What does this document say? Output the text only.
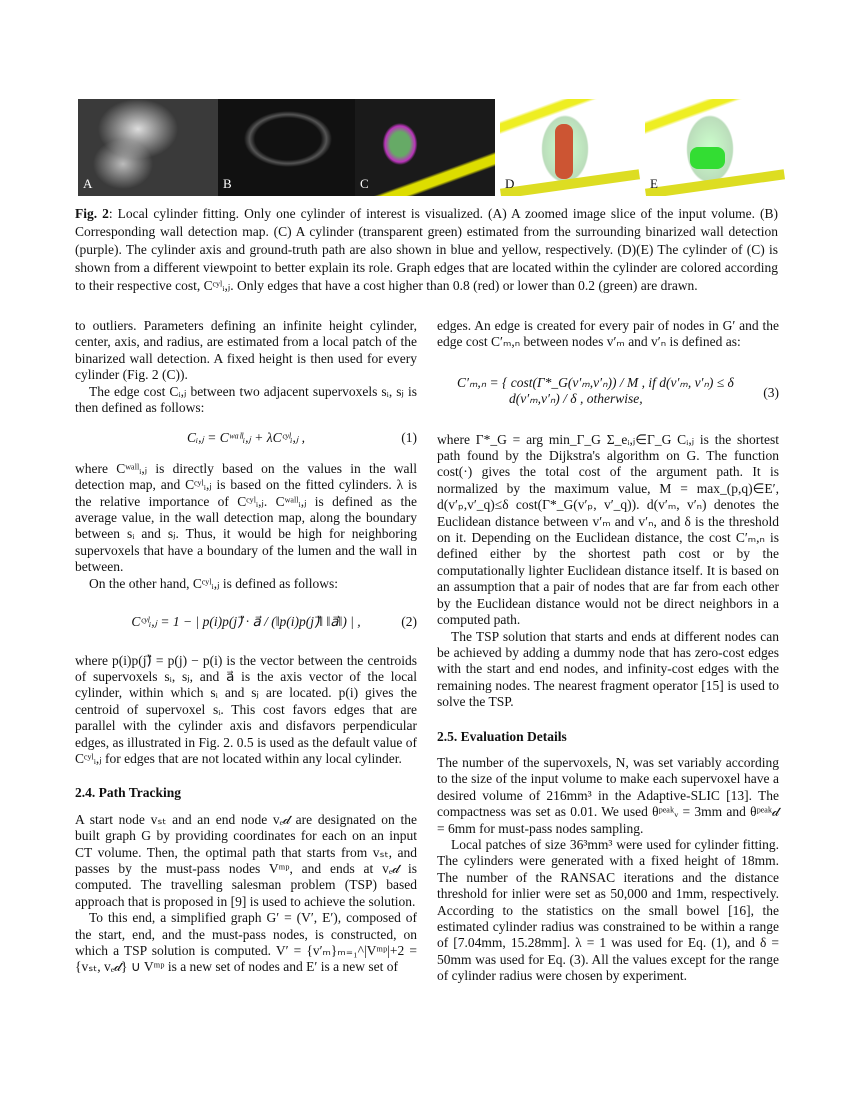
A	B	C	D	E
Fig. 2: Local cylinder fitting. Only one cylinder of interest is visualized. (A) A zoomed image slice of the input volume. (B) Corresponding wall detection map. (C) A cylinder (transparent green) estimated from the surrounding binarized wall detection (purple). The cylinder axis and ground-truth path are also shown in blue and yellow, respectively. (D)(E) The cylinder of (C) is shown from a different viewpoint to better explain its role. Graph edges that are located within the cylinder are colored according to their respective cost, Cᶜʸˡᵢ,ⱼ. Only edges that have a cost higher than 0.8 (red) or lower than 0.2 (green) are drawn.

to outliers. Parameters defining an infinite height cylinder, center, axis, and radius, are estimated from a local patch of the binarized wall detection. A fixed height is then used for every cylinder (Fig. 2 (C)).

The edge cost Cᵢ,ⱼ between two adjacent supervoxels sᵢ, sⱼ is then defined as follows:

Cᵢ,ⱼ = Cʷᵃˡˡᵢ,ⱼ + λCᶜʸˡᵢ,ⱼ ,	(1)

where Cʷᵃˡˡᵢ,ⱼ is directly based on the values in the wall detection map, and Cᶜʸˡᵢ,ⱼ is based on the fitted cylinders. λ is the relative importance of Cᶜʸˡᵢ,ⱼ. Cʷᵃˡˡᵢ,ⱼ is defined as the average value, in the wall detection map, along the boundary between sᵢ and sⱼ. Thus, it would be high for neighboring supervoxels that have a boundary of the lumen and the wall in between.

On the other hand, Cᶜʸˡᵢ,ⱼ is defined as follows:

Cᶜʸˡᵢ,ⱼ = 1 − | p(i)p(j)⃗ · a⃗ / (‖p(i)p(j)⃗‖ ‖a⃗‖) | ,	(2)

where p(i)p(j)⃗ = p(j) − p(i) is the vector between the centroids of supervoxels sᵢ, sⱼ, and a⃗ is the axis vector of the local cylinder, within which sᵢ and sⱼ are located. p(i) gives the centroid of supervoxel sᵢ. This cost favors edges that are parallel with the cylinder axis and disfavors perpendicular edges, as illustrated in Fig. 2. 0.5 is used as the default value of Cᶜʸˡᵢ,ⱼ for edges that are not located within any local cylinder.

2.4. Path Tracking

A start node vₛₜ and an end node vₑ𝒹 are designated on the built graph G by providing coordinates for each on an input CT volume. Then, the optimal path that starts from vₛₜ, and passes by the must-pass nodes Vᵐᵖ, and ends at vₑ𝒹 is computed. The travelling salesman problem (TSP) based approach that is proposed in [9] is used to achieve the solution.

To this end, a simplified graph G′ = (V′, E′), composed of the start, end, and the must-pass nodes, is constructed, on which a TSP solution is computed. V′ = {v′ₘ}ₘ₌₁^|Vᵐᵖ|+2 = {vₛₜ, vₑ𝒹} ∪ Vᵐᵖ is a new set of nodes and E′ is a new set of

edges. An edge is created for every pair of nodes in G′ and the edge cost C′ₘ,ₙ between nodes v′ₘ and v′ₙ is defined as:

C′ₘ,ₙ = { cost(Γ*_G(v′ₘ,v′ₙ)) / M , if d(v′ₘ, v′ₙ) ≤ δ
d(v′ₘ,v′ₙ) / δ , otherwise,	(3)

where Γ*_G = arg min_Γ_G Σ_eᵢ,ⱼ∈Γ_G Cᵢ,ⱼ is the shortest path found by the Dijkstra's algorithm on G. The function cost(·) gives the total cost of the argument path. It is normalized by the maximum value, M = max_(p,q)∈E′, d(v′ₚ,v′_q)≤δ cost(Γ*_G(v′ₚ, v′_q)). d(v′ₘ, v′ₙ) denotes the Euclidean distance between v′ₘ and v′ₙ, and δ is the threshold on it. Depending on the Euclidean distance, the cost C′ₘ,ₙ is defined either by the shortest path cost or by the computationally lighter Euclidean distance itself. It is based on an assumption that a pair of nodes that are far from each other by the Euclidean distance would not be direct neighbors in a computed path.

The TSP solution that starts and ends at different nodes can be achieved by adding a dummy node that has zero-cost edges with the start and end nodes, and infinity-cost edges with the remaining nodes. The nearest fragment operator [15] is used to solve the TSP.

2.5. Evaluation Details

The number of the supervoxels, N, was set variably according to the size of the input volume to make each supervoxel have a desired volume of 216mm³ in the Adaptive-SLIC [13]. The compactness was set as 0.01. We used θᵖᵉᵃᵏᵥ = 3mm and θᵖᵉᵃᵏ𝒹 = 6mm for must-pass nodes sampling.

Local patches of size 36³mm³ were used for cylinder fitting. The cylinders were generated with a fixed height of 18mm. The number of the RANSAC iterations and the distance threshold for inlier were set as 50,000 and 1mm, respectively. According to the statistics on the small bowel [16], the estimated cylinder radius was constrained to be within a range of [7.04mm, 15.28mm]. λ = 1 was used for Eq. (1), and δ = 50mm was used for Eq. (3). All the values except for the range of cylinder radius were chosen by experiment.
